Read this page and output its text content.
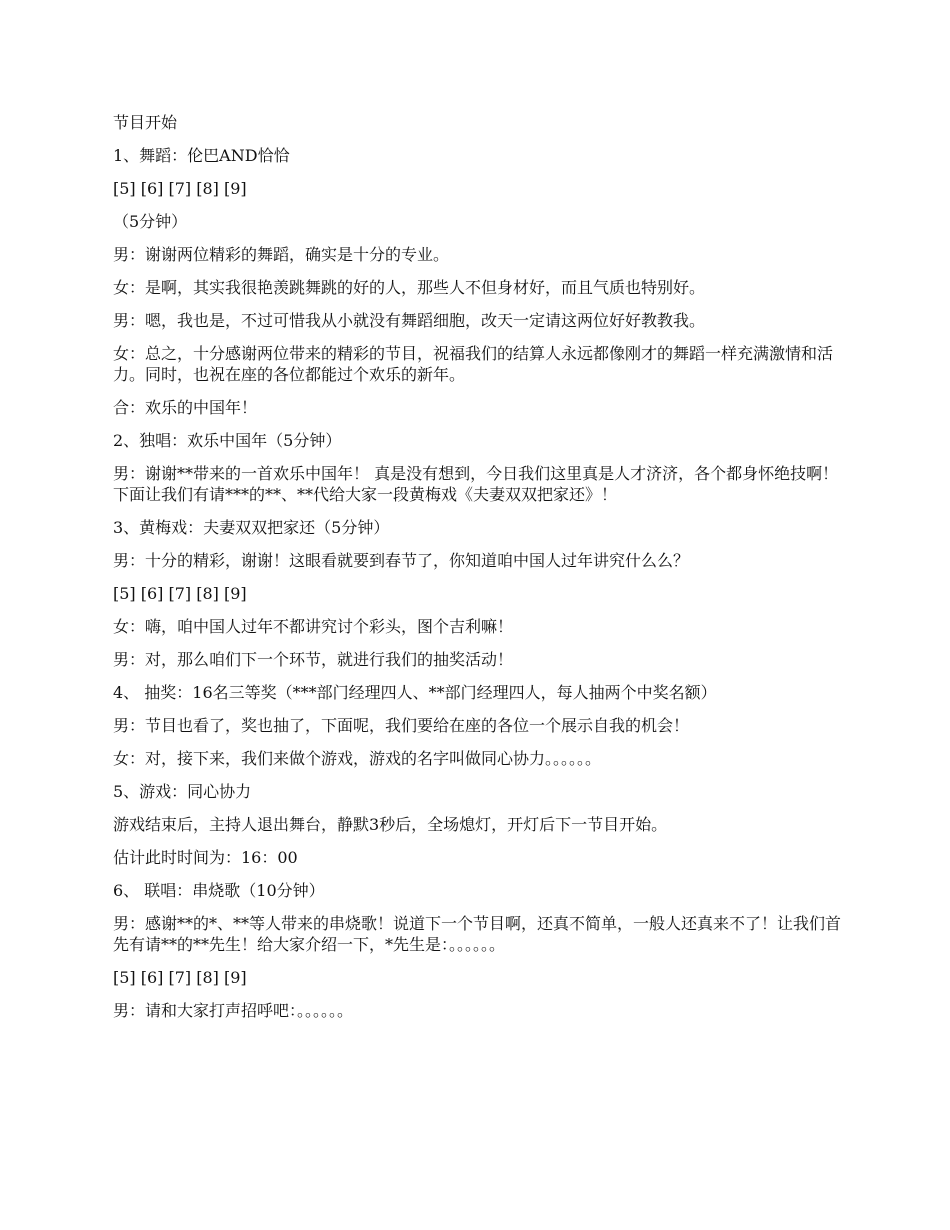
节目开始

1、舞蹈：伦巴AND恰恰

[5] [6] [7] [8] [9]

（5分钟）

男：谢谢两位精彩的舞蹈，确实是十分的专业。

女：是啊，其实我很艳羡跳舞跳的好的人，那些人不但身材好，而且气质也特别好。

男：嗯，我也是，不过可惜我从小就没有舞蹈细胞，改天一定请这两位好好教教我。

女：总之，十分感谢两位带来的精彩的节目，祝福我们的结算人永远都像刚才的舞蹈一样充满激情和活力。同时，也祝在座的各位都能过个欢乐的新年。

合：欢乐的中国年！

2、独唱：欢乐中国年（5分钟）

男：谢谢**带来的一首欢乐中国年！ 真是没有想到，今日我们这里真是人才济济，各个都身怀绝技啊！下面让我们有请***的**、**代给大家一段黄梅戏《夫妻双双把家还》！

3、黄梅戏：夫妻双双把家还（5分钟）

男：十分的精彩，谢谢！这眼看就要到春节了，你知道咱中国人过年讲究什么么？

[5] [6] [7] [8] [9]

女：嗨，咱中国人过年不都讲究讨个彩头，图个吉利嘛！

男：对，那么咱们下一个环节，就进行我们的抽奖活动！

4、 抽奖：16名三等奖（***部门经理四人、**部门经理四人，每人抽两个中奖名额）

男：节目也看了，奖也抽了，下面呢，我们要给在座的各位一个展示自我的机会！

女：对，接下来，我们来做个游戏，游戏的名字叫做同心协力。。。。。。

5、游戏：同心协力

游戏结束后，主持人退出舞台，静默3秒后，全场熄灯，开灯后下一节目开始。

估计此时时间为：16：00

6、 联唱：串烧歌（10分钟）

男：感谢**的*、**等人带来的串烧歌！说道下一个节目啊，还真不简单，一般人还真来不了！让我们首先有请**的**先生！给大家介绍一下，*先生是：。。。。。。

[5] [6] [7] [8] [9]

男：请和大家打声招呼吧：。。。。。。
